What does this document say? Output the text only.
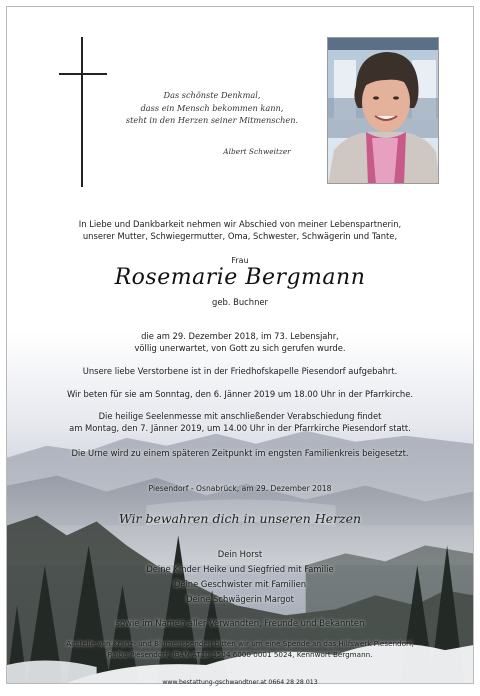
Das schönste Denkmal,
dass ein Mensch bekommen kann,
steht in den Herzen seiner Mitmenschen.
Albert Schweitzer
In Liebe und Dankbarkeit nehmen wir Abschied von meiner Lebenspartnerin,
unserer Mutter, Schwiegermutter, Oma, Schwester, Schwägerin und Tante,
Frau
Rosemarie Bergmann
geb. Buchner
die am 29. Dezember 2018, im 73. Lebensjahr,
völlig unerwartet, von Gott zu sich gerufen wurde.
Unsere liebe Verstorbene ist in der Friedhofskapelle Piesendorf aufgebahrt.
Wir beten für sie am Sonntag, den 6. Jänner 2019 um 18.00 Uhr in der Pfarrkirche.
Die heilige Seelenmesse mit anschließender Verabschiedung findet
am Montag, den 7. Jänner 2019, um 14.00 Uhr in der Pfarrkirche Piesendorf statt.
Die Urne wird zu einem späteren Zeitpunkt im engsten Familienkreis beigesetzt.
Piesendorf - Osnabrück, am 29. Dezember 2018
Wir bewahren dich in unseren Herzen
Dein Horst
Deine Kinder Heike und Siegfried mit Familie
Deine Geschwister mit Familien
Deine Schwägerin Margot
sowie im Namen aller Verwandten, Freunde und Bekannten
Anstelle von Kranz- und Blumenspenden bitten wir um eine Spende an das Hilfswerk Piesendorf,
Raiba Piesendorf, IBAN AT10 3504 6000 0001 5024, Kennwort Bergmann.
www.bestattung-gschwandtner.at 0664 28 28 013
